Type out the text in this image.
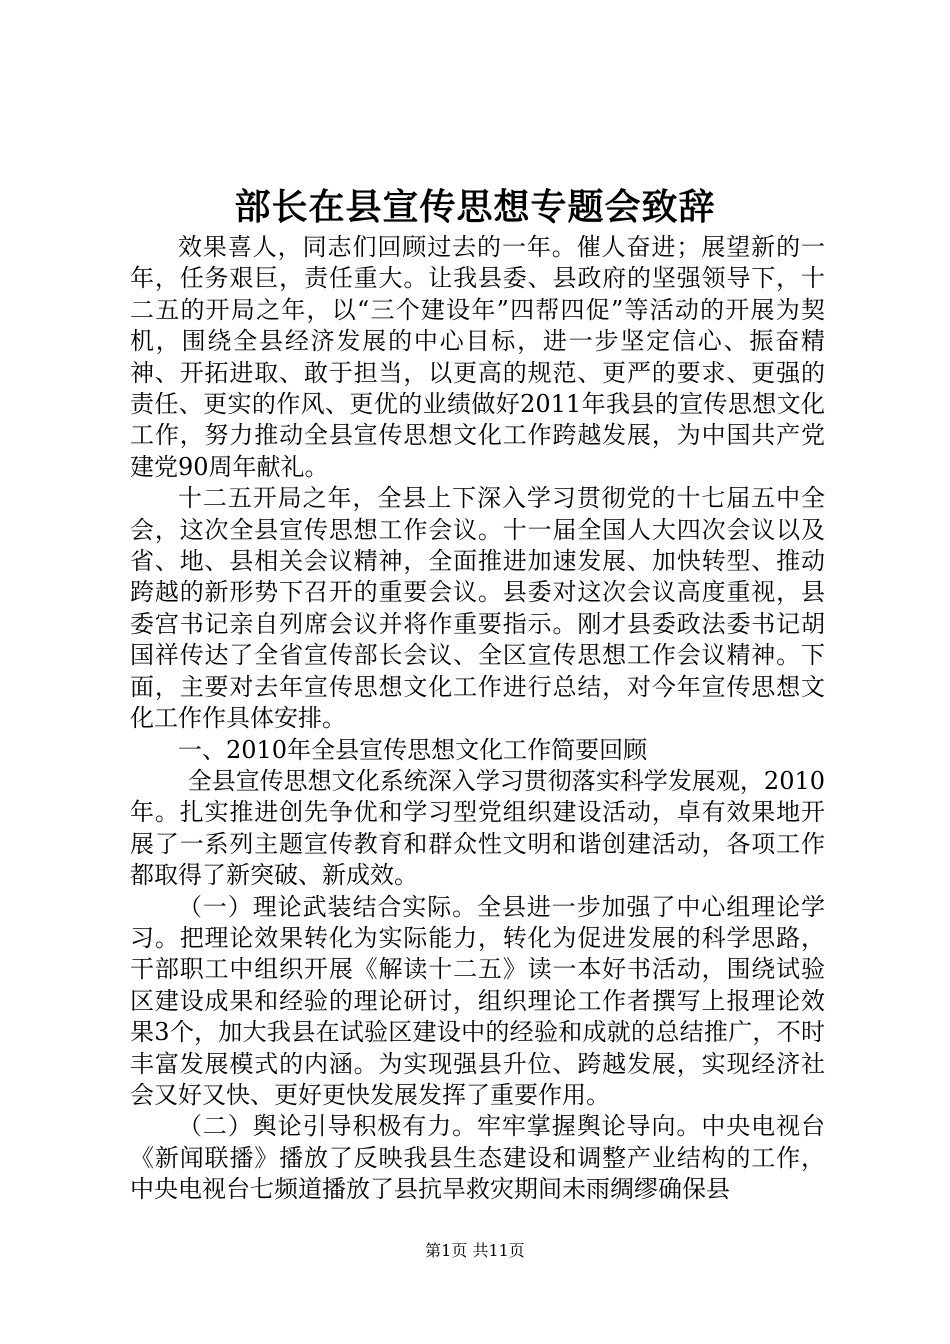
部长在县宣传思想专题会致辞

效果喜人，同志们回顾过去的一年。催人奋进；展望新的一年，任务艰巨，责任重大。让我县委、县政府的坚强领导下，十二五的开局之年，以“三个建设年”四帮四促”等活动的开展为契机，围绕全县经济发展的中心目标，进一步坚定信心、振奋精神、开拓进取、敢于担当，以更高的规范、更严的要求、更强的责任、更实的作风、更优的业绩做好2011年我县的宣传思想文化工作，努力推动全县宣传思想文化工作跨越发展，为中国共产党建党90周年献礼。

十二五开局之年，全县上下深入学习贯彻党的十七届五中全会，这次全县宣传思想工作会议。十一届全国人大四次会议以及省、地、县相关会议精神，全面推进加速发展、加快转型、推动跨越的新形势下召开的重要会议。县委对这次会议高度重视，县委宫书记亲自列席会议并将作重要指示。刚才县委政法委书记胡国祥传达了全省宣传部长会议、全区宣传思想工作会议精神。下面，主要对去年宣传思想文化工作进行总结，对今年宣传思想文化工作作具体安排。

一、2010年全县宣传思想文化工作简要回顾

全县宣传思想文化系统深入学习贯彻落实科学发展观，2010年。扎实推进创先争优和学习型党组织建设活动，卓有效果地开展了一系列主题宣传教育和群众性文明和谐创建活动，各项工作都取得了新突破、新成效。

（一）理论武装结合实际。全县进一步加强了中心组理论学习。把理论效果转化为实际能力，转化为促进发展的科学思路，干部职工中组织开展《解读十二五》读一本好书活动，围绕试验区建设成果和经验的理论研讨，组织理论工作者撰写上报理论效果3个，加大我县在试验区建设中的经验和成就的总结推广，不时丰富发展模式的内涵。为实现强县升位、跨越发展，实现经济社会又好又快、更好更快发展发挥了重要作用。

（二）舆论引导积极有力。牢牢掌握舆论导向。中央电视台《新闻联播》播放了反映我县生态建设和调整产业结构的工作，中央电视台七频道播放了县抗旱救灾期间未雨绸缪确保县

第1页 共11页
